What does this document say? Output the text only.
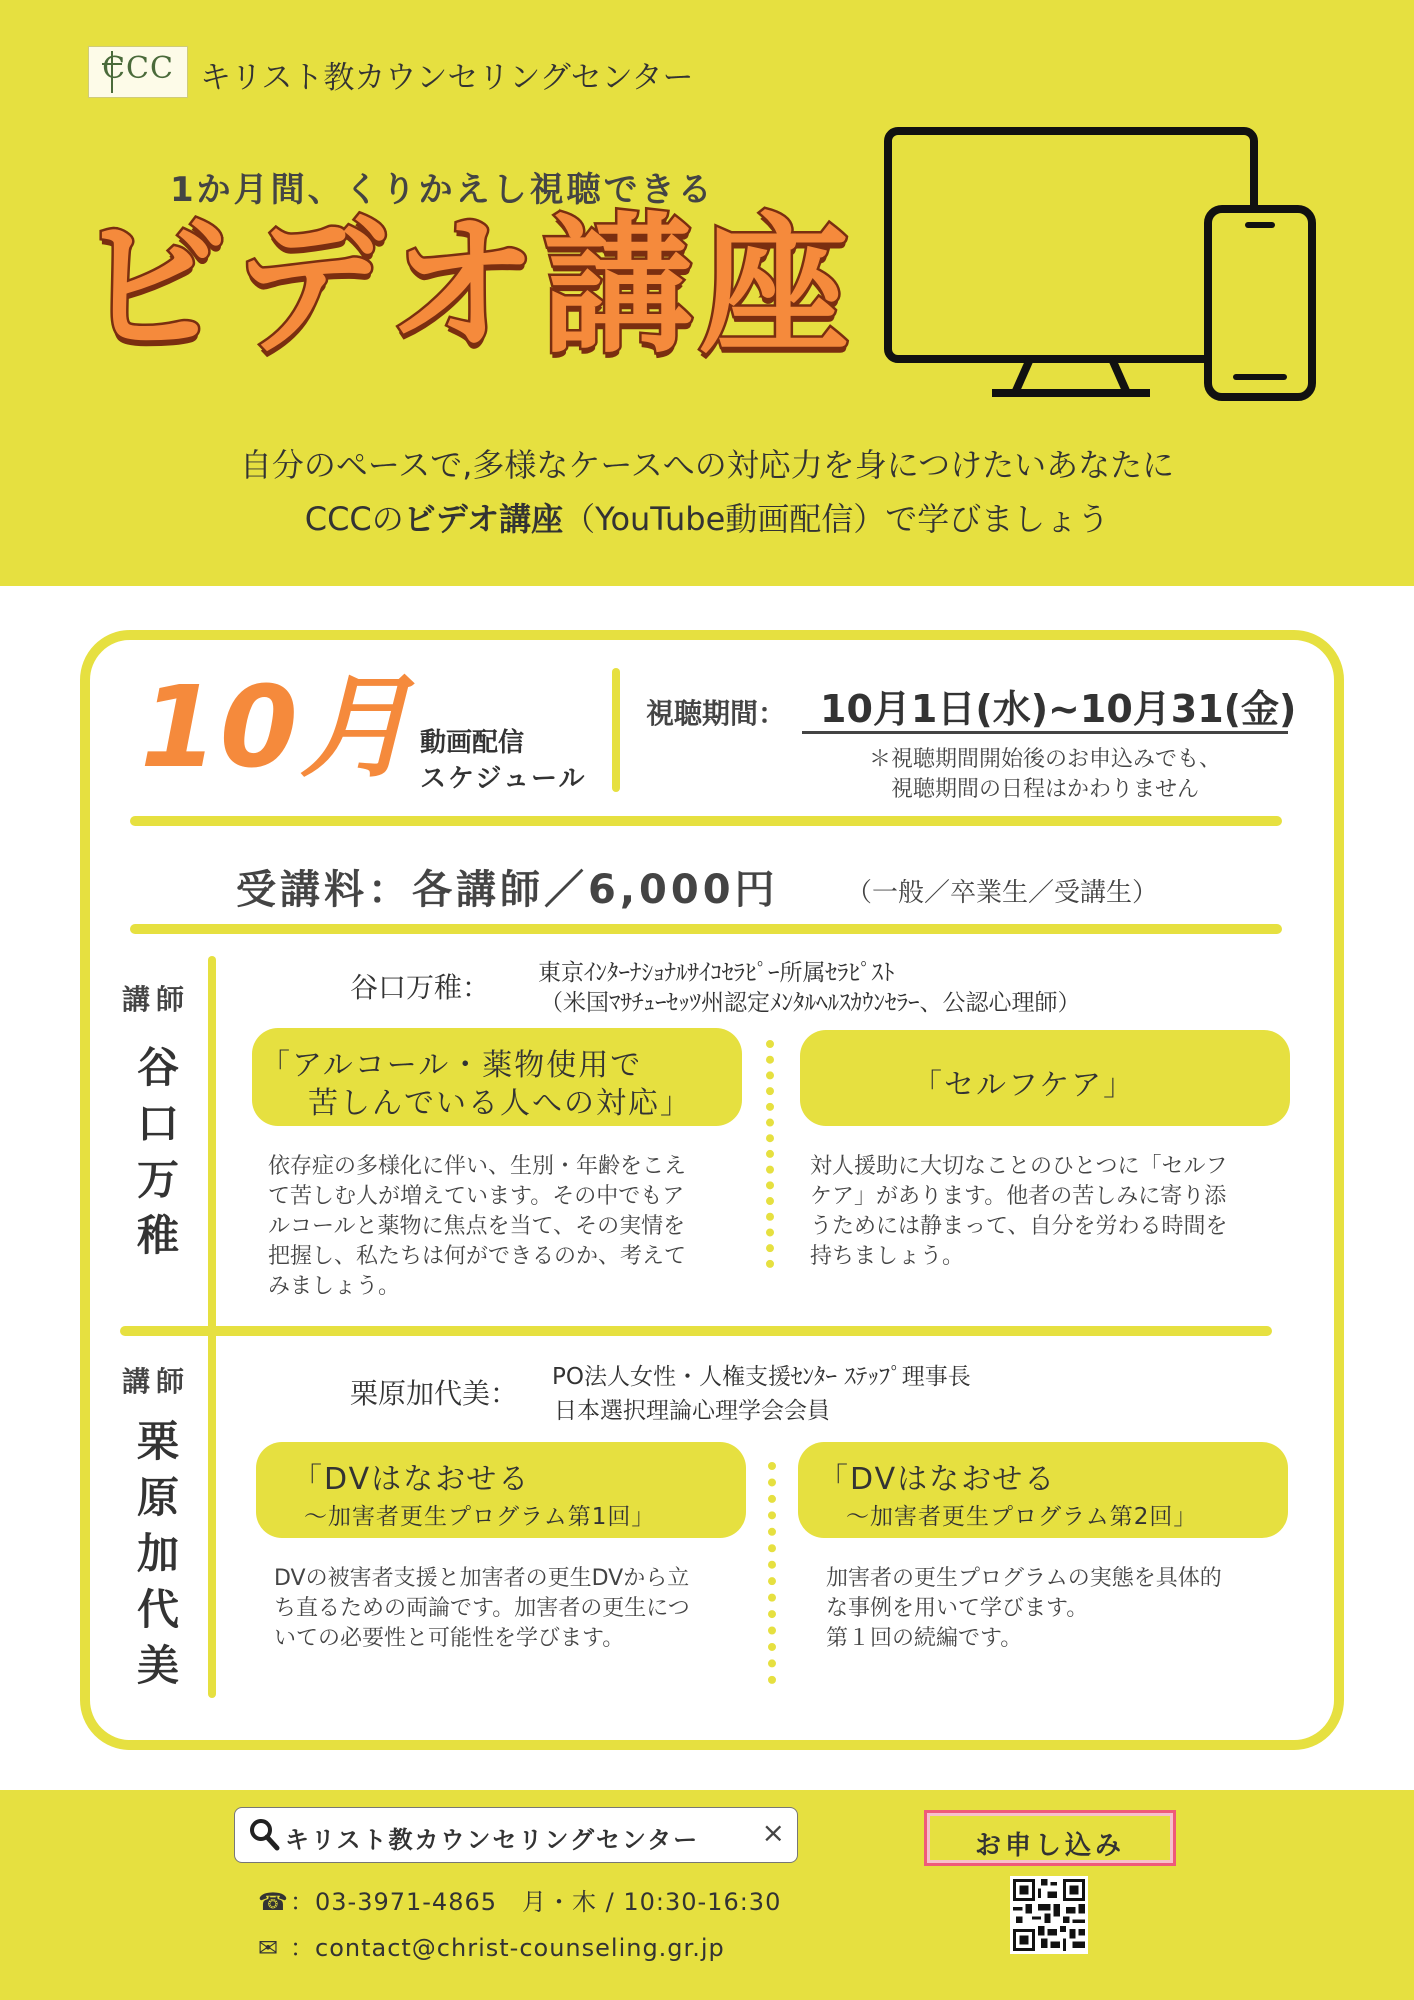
CCC キリスト教カウンセリングセンター
1か月間、くりかえし視聴できる
ビデオ講座
自分のペースで,多様なケースへの対応力を身につけたいあなたに
CCCのビデオ講座（YouTube動画配信）で学びましょう
10月 動画配信
スケジュール
視聴期間： 10月1日(水)~10月31(金)
＊視聴期間開始後のお申込みでも、
視聴期間の日程はかわりません
受講料：各講師／6,000円	（一般／卒業生／受講生）
講師
谷
口
万
稚
谷口万稚： 東京ｲﾝﾀｰﾅｼｮﾅﾙｻｲｺｾﾗﾋﾟｰ所属ｾﾗﾋﾟｽﾄ
（米国ﾏｻﾁｭｰｾｯﾂ州認定ﾒﾝﾀﾙﾍﾙｽｶｳﾝｾﾗｰ、公認心理師）
「アルコール・薬物使用で
苦しんでいる人への対応」
「セルフケア」
依存症の多様化に伴い、生別・年齢をこえ
て苦しむ人が増えています。その中でもア
ルコールと薬物に焦点を当て、その実情を
把握し、私たちは何ができるのか、考えて
みましょう。
対人援助に大切なことのひとつに「セルフ
ケア」があります。他者の苦しみに寄り添
うためには静まって、自分を労わる時間を
持ちましょう。
講師
栗
原
加
代
美
栗原加代美： PO法人女性・人権支援ｾﾝﾀｰ ｽﾃｯﾌﾟ理事長
日本選択理論心理学会会員
「DVはなおせる
～加害者更生プログラム第1回」
「DVはなおせる
～加害者更生プログラム第2回」
DVの被害者支援と加害者の更生DVから立
ち直るための両論です。加害者の更生につ
いての必要性と可能性を学びます。
加害者の更生プログラムの実態を具体的
な事例を用いて学びます。
第１回の続編です。
キリスト教カウンセリングセンター ×
☎：03-3971-4865　月・木 / 10:30-16:30
✉ ：contact@christ-counseling.gr.jp
お申し込み
